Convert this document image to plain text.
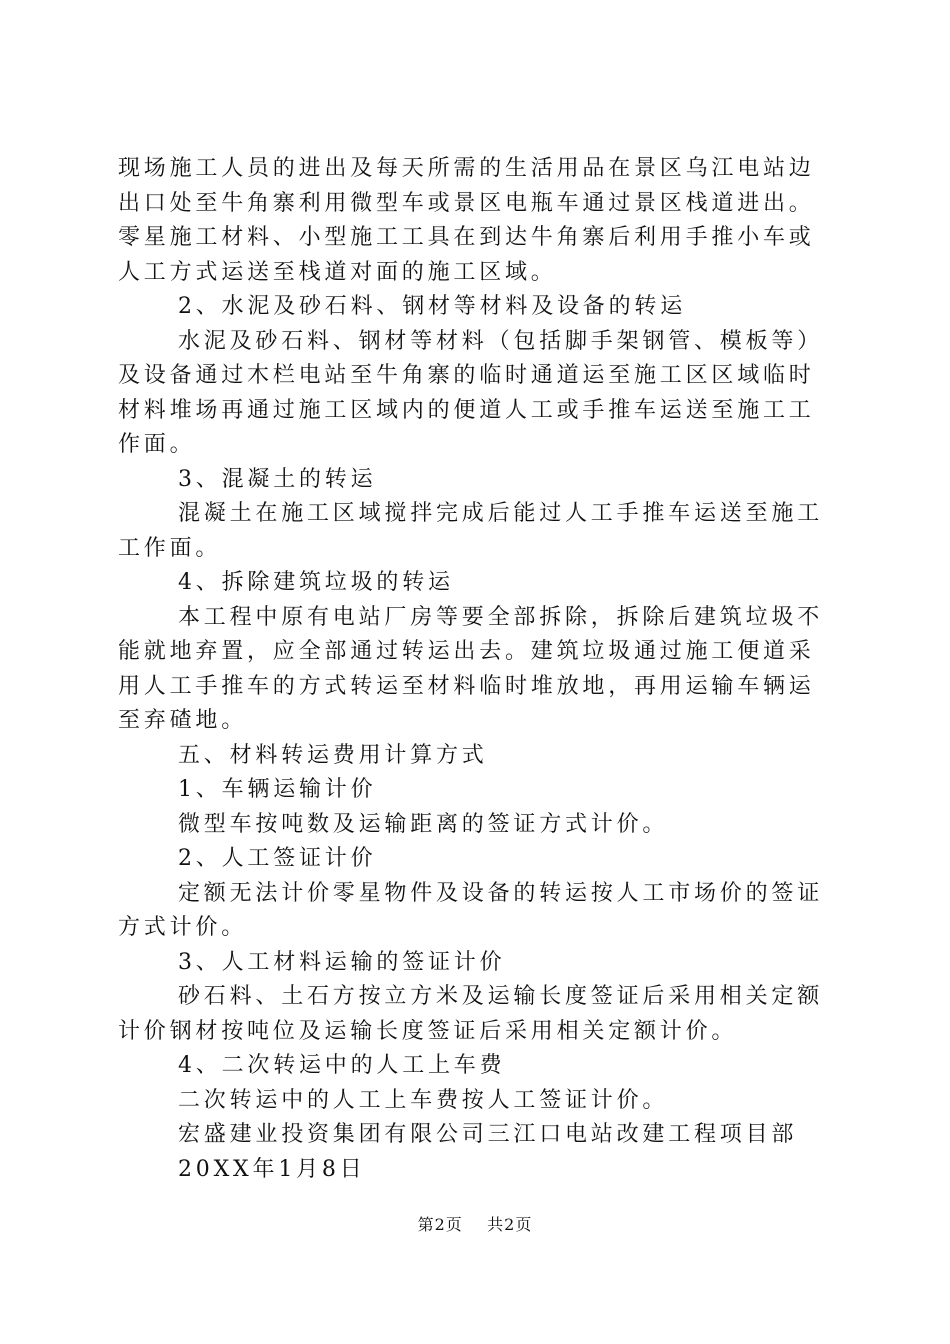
现场施工人员的进出及每天所需的生活用品在景区乌江电站边
出口处至牛角寨利用微型车或景区电瓶车通过景区栈道进出。
零星施工材料、小型施工工具在到达牛角寨后利用手推小车或
人工方式运送至栈道对面的施工区域。
2、水泥及砂石料、钢材等材料及设备的转运
水泥及砂石料、钢材等材料（包括脚手架钢管、模板等）
及设备通过木栏电站至牛角寨的临时通道运至施工区区域临时
材料堆场再通过施工区域内的便道人工或手推车运送至施工工
作面。
3、混凝土的转运
混凝土在施工区域搅拌完成后能过人工手推车运送至施工
工作面。
4、拆除建筑垃圾的转运
本工程中原有电站厂房等要全部拆除，拆除后建筑垃圾不
能就地弃置，应全部通过转运出去。建筑垃圾通过施工便道采
用人工手推车的方式转运至材料临时堆放地，再用运输车辆运
至弃碴地。
五、材料转运费用计算方式
1、车辆运输计价
微型车按吨数及运输距离的签证方式计价。
2、人工签证计价
定额无法计价零星物件及设备的转运按人工市场价的签证
方式计价。
3、人工材料运输的签证计价
砂石料、土石方按立方米及运输长度签证后采用相关定额
计价钢材按吨位及运输长度签证后采用相关定额计价。
4、二次转运中的人工上车费
二次转运中的人工上车费按人工签证计价。
宏盛建业投资集团有限公司三江口电站改建工程项目部
20XX年1月8日
第2页 共2页
